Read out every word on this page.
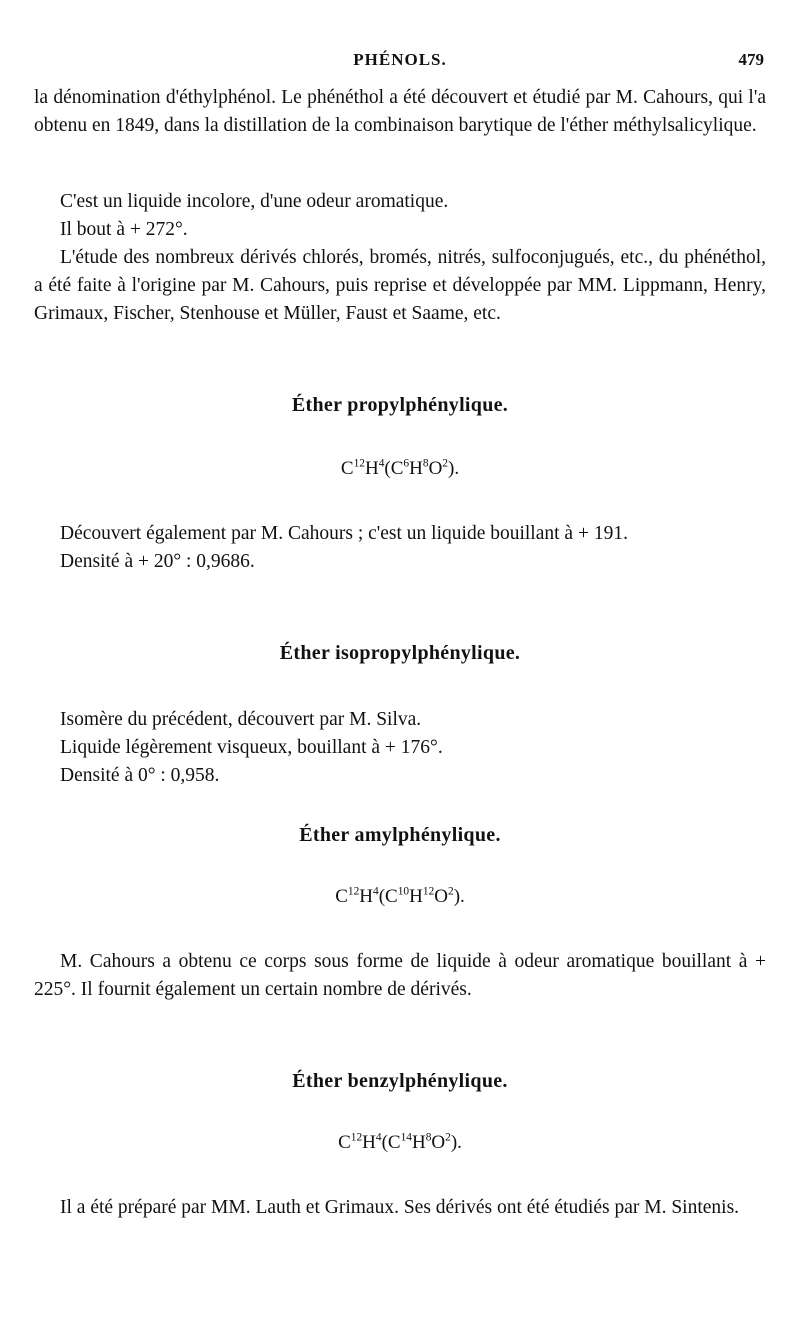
PHÉNOLS.	479

la dénomination d'éthylphénol. Le phénéthol a été découvert et étudié par M. Cahours, qui l'a obtenu en 1849, dans la distillation de la combinaison barytique de l'éther méthylsalicylique.

C'est un liquide incolore, d'une odeur aromatique.

Il bout à + 272°.

L'étude des nombreux dérivés chlorés, bromés, nitrés, sulfoconjugués, etc., du phénéthol, a été faite à l'origine par M. Cahours, puis reprise et développée par MM. Lippmann, Henry, Grimaux, Fischer, Stenhouse et Müller, Faust et Saame, etc.

Éther propylphénylique.
$C^{12}H^4(C^6H^8O^2)$.
Découvert également par M. Cahours ; c'est un liquide bouillant à + 191.
Densité à + 20° : 0,9686.
Éther isopropylphénylique.
Isomère du précédent, découvert par M. Silva.
Liquide légèrement visqueux, bouillant à + 176°.
Densité à 0° : 0,958.
Éther amylphénylique.
$C^{12}H^4(C^{10}H^{12}O^2)$.

M. Cahours a obtenu ce corps sous forme de liquide à odeur aromatique bouillant à + 225°. Il fournit également un certain nombre de dérivés.

Éther benzylphénylique.
$C^{12}H^4(C^{14}H^8O^2)$.

Il a été préparé par MM. Lauth et Grimaux. Ses dérivés ont été étudiés par M. Sintenis.
